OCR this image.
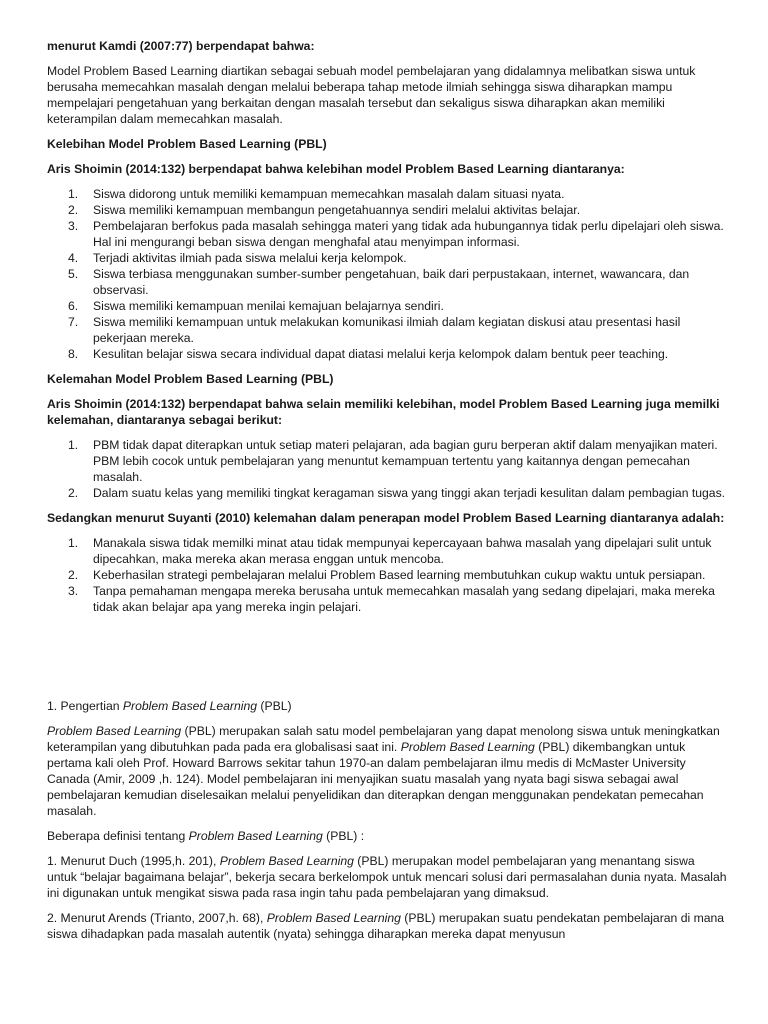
menurut Kamdi (2007:77) berpendapat bahwa:

Model Problem Based Learning diartikan sebagai sebuah model pembelajaran yang didalamnya melibatkan siswa untuk berusaha memecahkan masalah dengan melalui beberapa tahap metode ilmiah sehingga siswa diharapkan mampu mempelajari pengetahuan yang berkaitan dengan masalah tersebut dan sekaligus siswa diharapkan akan memiliki keterampilan dalam memecahkan masalah.

Kelebihan Model Problem Based Learning (PBL)

Aris Shoimin (2014:132) berpendapat bahwa kelebihan model Problem Based Learning diantaranya:

1. Siswa didorong untuk memiliki kemampuan memecahkan masalah dalam situasi nyata.
2. Siswa memiliki kemampuan membangun pengetahuannya sendiri melalui aktivitas belajar.
3. Pembelajaran berfokus pada masalah sehingga materi yang tidak ada hubungannya tidak perlu dipelajari oleh siswa. Hal ini mengurangi beban siswa dengan menghafal atau menyimpan informasi.
4. Terjadi aktivitas ilmiah pada siswa melalui kerja kelompok.
5. Siswa terbiasa menggunakan sumber-sumber pengetahuan, baik dari perpustakaan, internet, wawancara, dan observasi.
6. Siswa memiliki kemampuan menilai kemajuan belajarnya sendiri.
7. Siswa memiliki kemampuan untuk melakukan komunikasi ilmiah dalam kegiatan diskusi atau presentasi hasil pekerjaan mereka.
8. Kesulitan belajar siswa secara individual dapat diatasi melalui kerja kelompok dalam bentuk peer teaching.

Kelemahan Model Problem Based Learning (PBL)

Aris Shoimin (2014:132) berpendapat bahwa selain memiliki kelebihan, model Problem Based Learning juga memilki kelemahan, diantaranya sebagai berikut:

1. PBM tidak dapat diterapkan untuk setiap materi pelajaran, ada bagian guru berperan aktif dalam menyajikan materi. PBM lebih cocok untuk pembelajaran yang menuntut kemampuan tertentu yang kaitannya dengan pemecahan masalah.
2. Dalam suatu kelas yang memiliki tingkat keragaman siswa yang tinggi akan terjadi kesulitan dalam pembagian tugas.

Sedangkan menurut Suyanti (2010) kelemahan dalam penerapan model Problem Based Learning diantaranya adalah:

1. Manakala siswa tidak memilki minat atau tidak mempunyai kepercayaan bahwa masalah yang dipelajari sulit untuk dipecahkan, maka mereka akan merasa enggan untuk mencoba.
2. Keberhasilan strategi pembelajaran melalui Problem Based learning membutuhkan cukup waktu untuk persiapan.
3. Tanpa pemahaman mengapa mereka berusaha untuk memecahkan masalah yang sedang dipelajari, maka mereka tidak akan belajar apa yang mereka ingin pelajari.

1. Pengertian Problem Based Learning (PBL)

Problem Based Learning (PBL) merupakan salah satu model pembelajaran yang dapat menolong siswa untuk meningkatkan keterampilan yang dibutuhkan pada pada era globalisasi saat ini. Problem Based Learning (PBL) dikembangkan untuk pertama kali oleh Prof. Howard Barrows sekitar tahun 1970-an dalam pembelajaran ilmu medis di McMaster University Canada (Amir, 2009 ,h. 124). Model pembelajaran ini menyajikan suatu masalah yang nyata bagi siswa sebagai awal pembelajaran kemudian diselesaikan melalui penyelidikan dan diterapkan dengan menggunakan pendekatan pemecahan masalah.

Beberapa definisi tentang Problem Based Learning (PBL) :

1. Menurut Duch (1995,h. 201), Problem Based Learning (PBL) merupakan model pembelajaran yang menantang siswa untuk “belajar bagaimana belajar”, bekerja secara berkelompok untuk mencari solusi dari permasalahan dunia nyata. Masalah ini digunakan untuk mengikat siswa pada rasa ingin tahu pada pembelajaran yang dimaksud.

2. Menurut Arends (Trianto, 2007,h. 68), Problem Based Learning (PBL) merupakan suatu pendekatan pembelajaran di mana siswa dihadapkan pada masalah autentik (nyata) sehingga diharapkan mereka dapat menyusun
